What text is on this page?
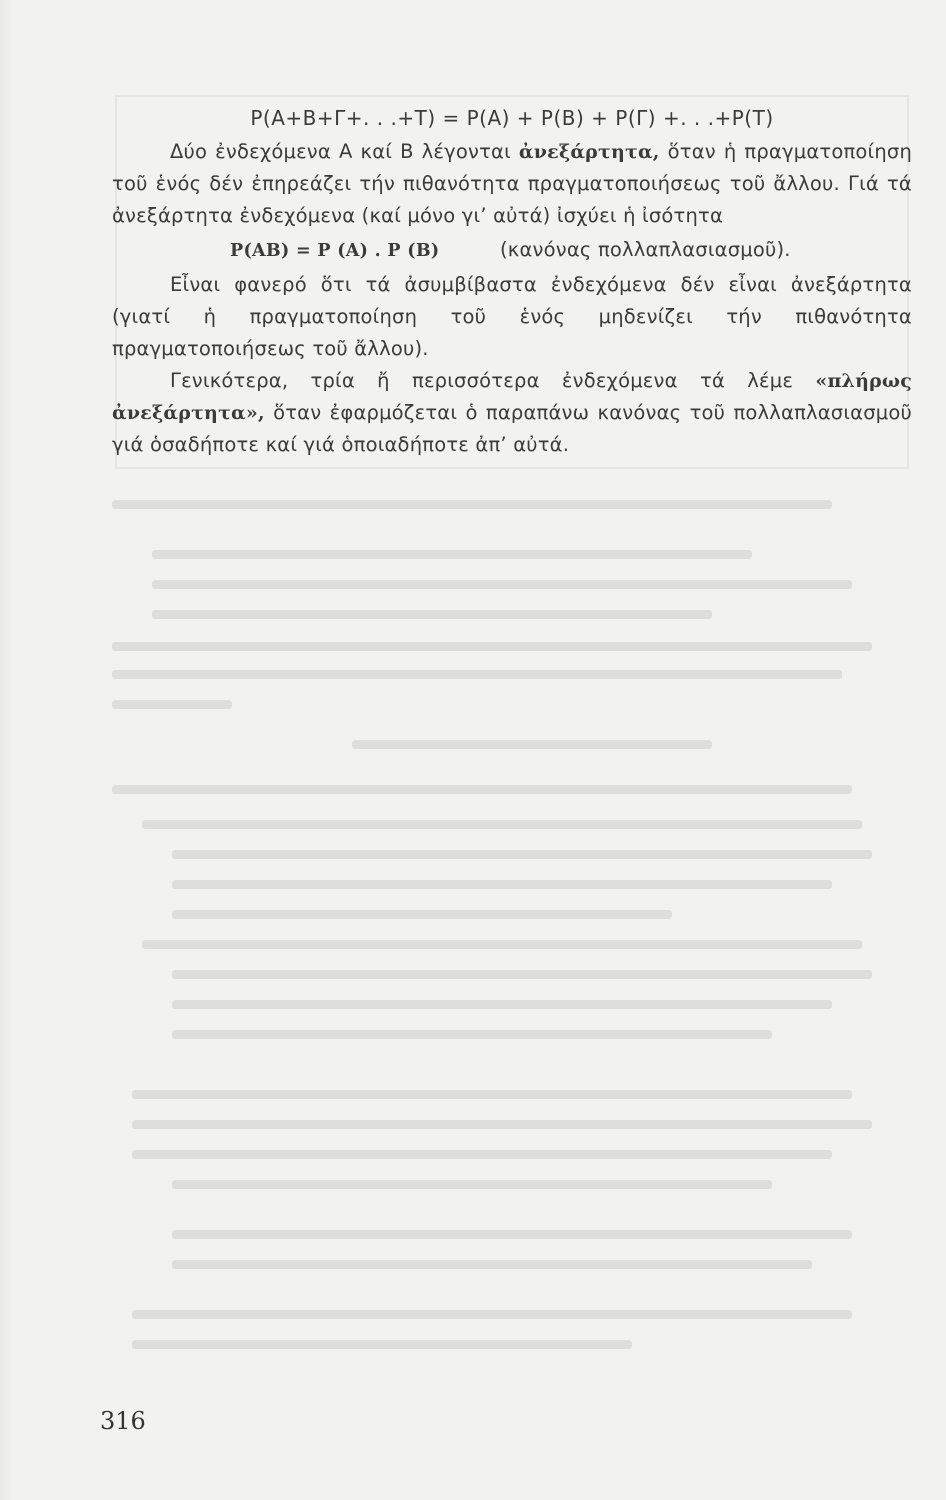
P(Α+Β+Γ+. . .+Τ) = P(Α) + P(Β) + P(Γ) +. . .+P(Τ)

Δύο ἐνδεχόμενα Α καί Β λέγονται ἀνεξάρτητα, ὅταν ἡ πραγματοποίηση τοῦ ἑνός δέν ἐπηρεάζει τήν πιθανότητα πραγματοποιήσεως τοῦ ἄλλου. Γιά τά ἀνεξάρτητα ἐνδεχόμενα (καί μόνο γι’ αὐτά) ἰσχύει ἡ ἰσότητα

P(AB) = P (A) . P (B)	(κανόνας πολλαπλασιασμοῦ).

Εἶναι φανερό ὅτι τά ἀσυμβίβαστα ἐνδεχόμενα δέν εἶναι ἀνεξάρτητα (γιατί ἡ πραγματοποίηση τοῦ ἑνός μηδενίζει τήν πιθανότητα πραγματοποιήσεως τοῦ ἄλλου).

Γενικότερα, τρία ἤ περισσότερα ἐνδεχόμενα τά λέμε «πλήρως ἀνεξάρτητα», ὅταν ἐφαρμόζεται ὁ παραπάνω κανόνας τοῦ πολλαπλασιασμοῦ γιά ὁσαδήποτε καί γιά ὁποιαδήποτε ἀπ’ αὐτά.

316
